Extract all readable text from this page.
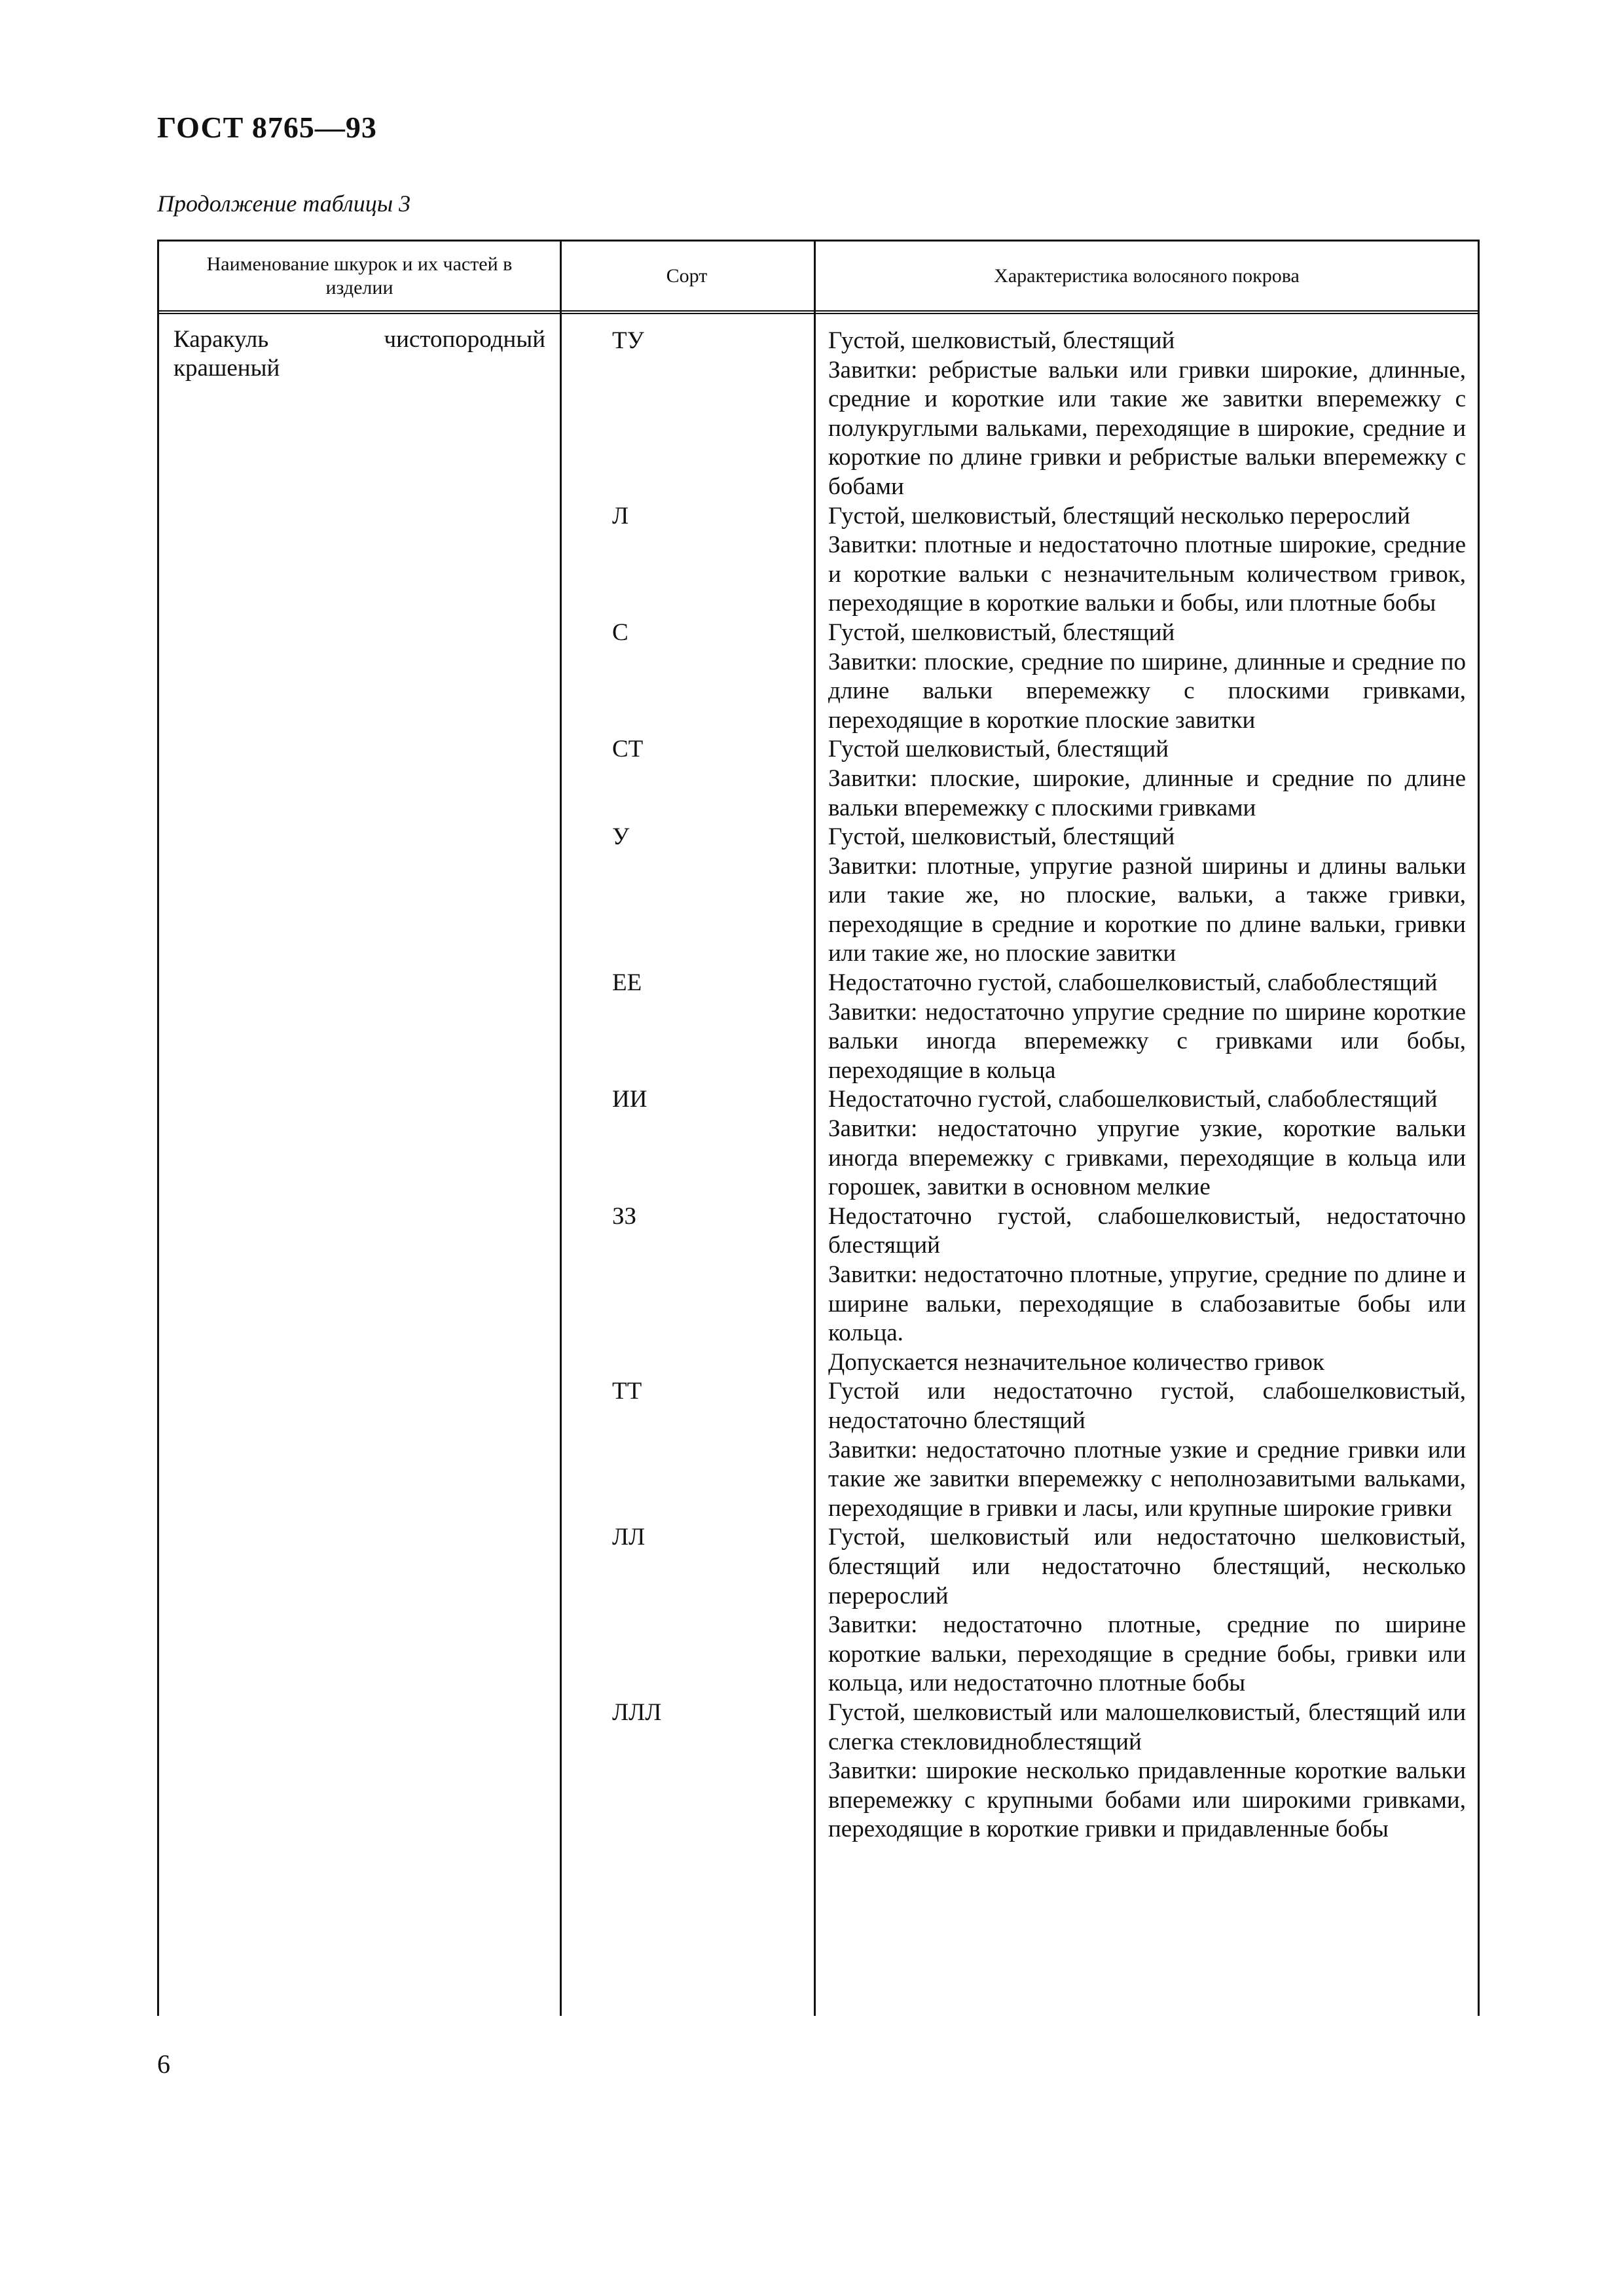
ГОСТ 8765—93
Продолжение таблицы 3
Наименование шкурок и их частей в изделии
Сорт	Характеристика волосяного покрова
Каракуль чистопородный крашеный
ТУ
Л
С
СТ
У
ЕЕ
ИИ
ЗЗ
ТТ
ЛЛ
ЛЛЛ

Густой, шелковистый, блестящий

Завитки: ребристые вальки или гривки широкие, длинные, средние и короткие или такие же завитки вперемежку с полукруглыми вальками, переходящие в широкие, средние и короткие по длине гривки и ребристые вальки вперемежку с бобами

Густой, шелковистый, блестящий несколько перерослий

Завитки: плотные и недостаточно плотные широкие, средние и короткие вальки с незначительным количеством гривок, переходящие в короткие вальки и бобы, или плотные бобы

Густой, шелковистый, блестящий

Завитки: плоские, средние по ширине, длинные и средние по длине вальки вперемежку с плоскими гривками, переходящие в короткие плоские завитки

Густой шелковистый, блестящий

Завитки: плоские, широкие, длинные и средние по длине вальки вперемежку с плоскими гривками

Густой, шелковистый, блестящий

Завитки: плотные, упругие разной ширины и длины вальки или такие же, но плоские, вальки, а также гривки, переходящие в средние и короткие по длине вальки, гривки или такие же, но плоские завитки

Недостаточно густой, слабошелковистый, слабоблестящий

Завитки: недостаточно упругие средние по ширине короткие вальки иногда вперемежку с гривками или бобы, переходящие в кольца

Недостаточно густой, слабошелковистый, слабоблестящий

Завитки: недостаточно упругие узкие, короткие вальки иногда вперемежку с гривками, переходящие в кольца или горошек, завитки в основном мелкие

Недостаточно густой, слабошелковистый, недостаточно блестящий

Завитки: недостаточно плотные, упругие, средние по длине и ширине вальки, переходящие в слабозавитые бобы или кольца.

Допускается незначительное количество гривок

Густой или недостаточно густой, слабошелковистый, недостаточно блестящий

Завитки: недостаточно плотные узкие и средние гривки или такие же завитки вперемежку с неполнозавитыми вальками, переходящие в гривки и ласы, или крупные широкие гривки

Густой, шелковистый или недостаточно шелковистый, блестящий или недостаточно блестящий, несколько перерослий

Завитки: недостаточно плотные, средние по ширине короткие вальки, переходящие в средние бобы, гривки или кольца, или недостаточно плотные бобы

Густой, шелковистый или малошелковистый, блестящий или слегка стекловидноблестящий

Завитки: широкие несколько придавленные короткие вальки вперемежку с крупными бобами или широкими гривками, переходящие в короткие гривки и придавленные бобы

6
